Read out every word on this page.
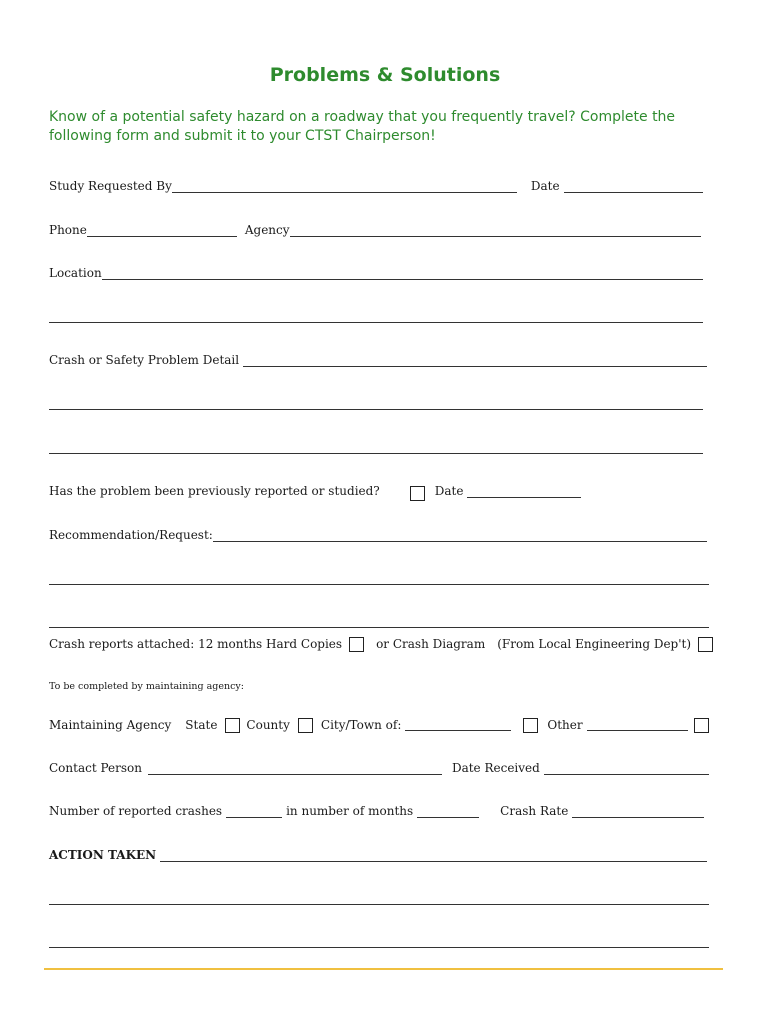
Problems & Solutions
Know of a potential safety hazard on a roadway that you frequently travel? Complete the following form and submit it to your CTST Chairperson!
Study Requested By	Date
Phone	Agency
Location
Crash or Safety Problem Detail
Has the problem been previously reported or studied?	Date
Recommendation/Request:
Crash reports attached: 12 months Hard Copies	or Crash Diagram (From Local Engineering Dep't)
To be completed by maintaining agency:
Maintaining Agency State County	City/Town of:	Other
Contact Person	Date Received
Number of reported crashes	in number of months	Crash Rate
ACTION TAKEN
